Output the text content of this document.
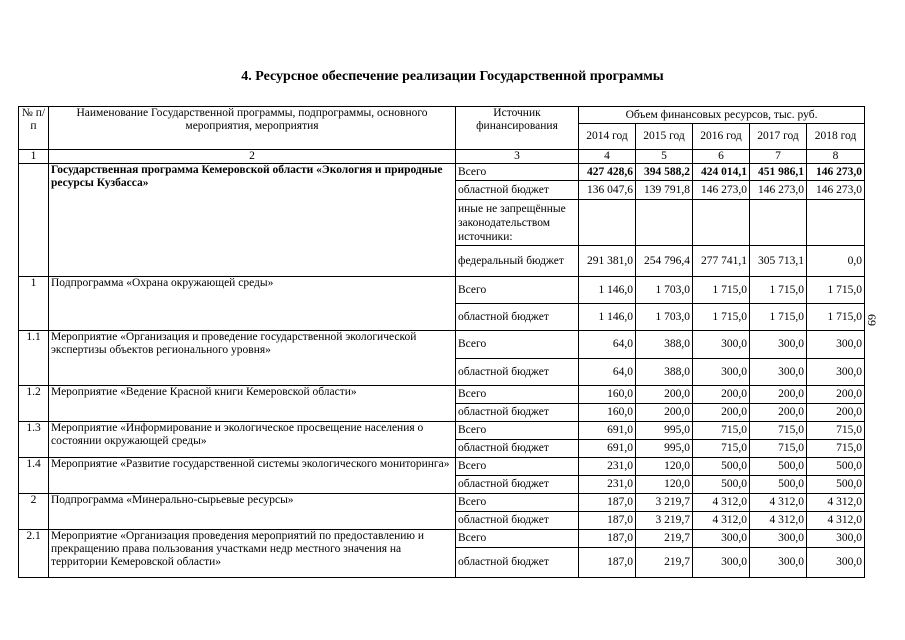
4. Ресурсное обеспечение реализации Государственной программы
№ п/п	Наименование Государственной программы, подпрограммы, основного мероприятия, мероприятия	Источник финансирования	Объем финансовых ресурсов, тыс. руб.				
			2014 год	2015 год	2016 год	2017 год	2018 год
1	2	3	4	5	6	7	8
	Государственная программа Кемеровской области «Экология и природные ресурсы Кузбасса»	Всего	427 428,6	394 588,2	424 014,1	451 986,1	146 273,0
		областной бюджет	136 047,6	139 791,8	146 273,0	146 273,0	146 273,0
		иные не запрещённые законодательством источники:					
		федеральный бюджет	291 381,0	254 796,4	277 741,1	305 713,1	0,0
1	Подпрограмма «Охрана окружающей среды»	Всего	1 146,0	1 703,0	1 715,0	1 715,0	1 715,0
		областной бюджет	1 146,0	1 703,0	1 715,0	1 715,0	1 715,0
1.1	Мероприятие «Организация и проведение государственной экологической экспертизы объектов регионального уровня»	Всего	64,0	388,0	300,0	300,0	300,0
		областной бюджет	64,0	388,0	300,0	300,0	300,0
1.2	Мероприятие «Ведение Красной книги Кемеровской области»	Всего	160,0	200,0	200,0	200,0	200,0
		областной бюджет	160,0	200,0	200,0	200,0	200,0
1.3	Мероприятие «Информирование и экологическое просвещение населения о состоянии окружающей среды»	Всего	691,0	995,0	715,0	715,0	715,0
		областной бюджет	691,0	995,0	715,0	715,0	715,0
1.4	Мероприятие «Развитие государственной системы экологического мониторинга»	Всего	231,0	120,0	500,0	500,0	500,0
		областной бюджет	231,0	120,0	500,0	500,0	500,0
2	Подпрограмма «Минерально-сырьевые ресурсы»	Всего	187,0	3 219,7	4 312,0	4 312,0	4 312,0
		областной бюджет	187,0	3 219,7	4 312,0	4 312,0	4 312,0
2.1	Мероприятие «Организация проведения мероприятий по предоставлению и прекращению права пользования участками недр местного значения на территории Кемеровской области»	Всего	187,0	219,7	300,0	300,0	300,0
		областной бюджет	187,0	219,7	300,0	300,0	300,0
69
